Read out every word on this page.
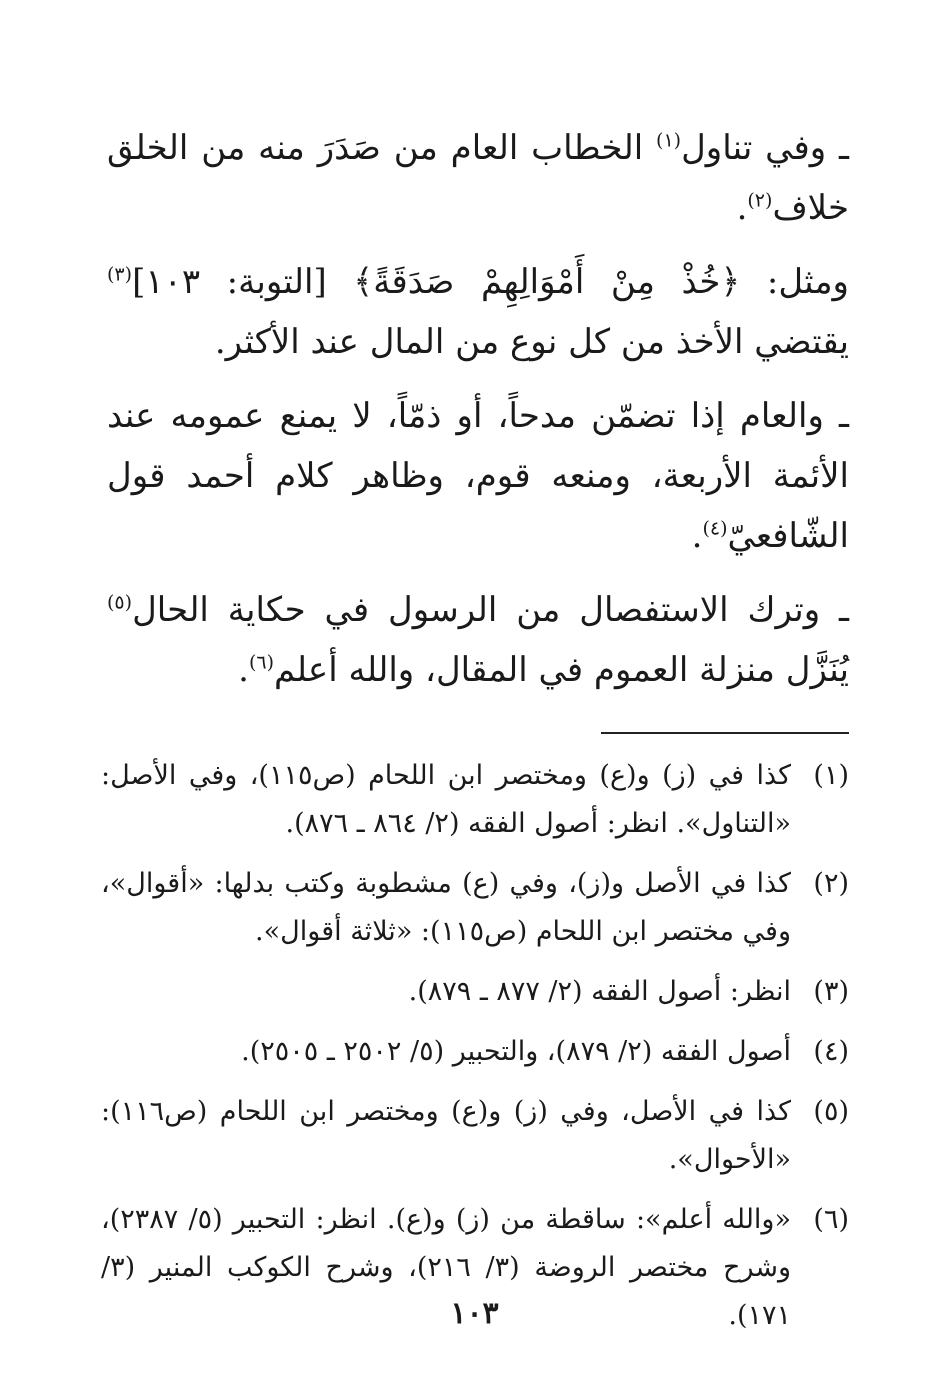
ـ وفي تناول$^{(١)}$ الخطاب العام من صَدَرَ منه من الخلق خلاف$^{(٢)}$.

ومثل: ﴿خُذْ مِنْ أَمْوَالِهِمْ صَدَقَةً﴾ [التوبة: ١٠٣]$^{(٣)}$ يقتضي الأخذ من كل نوع من المال عند الأكثر.

ـ والعام إذا تضمّن مدحاً، أو ذمّاً، لا يمنع عمومه عند الأئمة الأربعة، ومنعه قوم، وظاهر كلام أحمد قول الشّافعيّ$^{(٤)}$.

ـ وترك الاستفصال من الرسول في حكاية الحال$^{(٥)}$ يُنَزَّل منزلة العموم في المقال، والله أعلم$^{(٦)}$.

(١)
كذا في (ز) و(ع) ومختصر ابن اللحام (ص١١٥)، وفي الأصل: «التناول». انظر: أصول الفقه (٢/ ٨٦٤ ـ ٨٧٦).
(٢)
كذا في الأصل و(ز)، وفي (ع) مشطوبة وكتب بدلها: «أقوال»، وفي مختصر ابن اللحام (ص١١٥): «ثلاثة أقوال».
(٣)
انظر: أصول الفقه (٢/ ٨٧٧ ـ ٨٧٩).
(٤)
أصول الفقه (٢/ ٨٧٩)، والتحبير (٥/ ٢٥٠٢ ـ ٢٥٠٥).
(٥)
كذا في الأصل، وفي (ز) و(ع) ومختصر ابن اللحام (ص١١٦): «الأحوال».
(٦)
«والله أعلم»: ساقطة من (ز) و(ع). انظر: التحبير (٥/ ٢٣٨٧)، وشرح مختصر الروضة (٣/ ٢١٦)، وشرح الكوكب المنير (٣/ ١٧١).
١٠٣
